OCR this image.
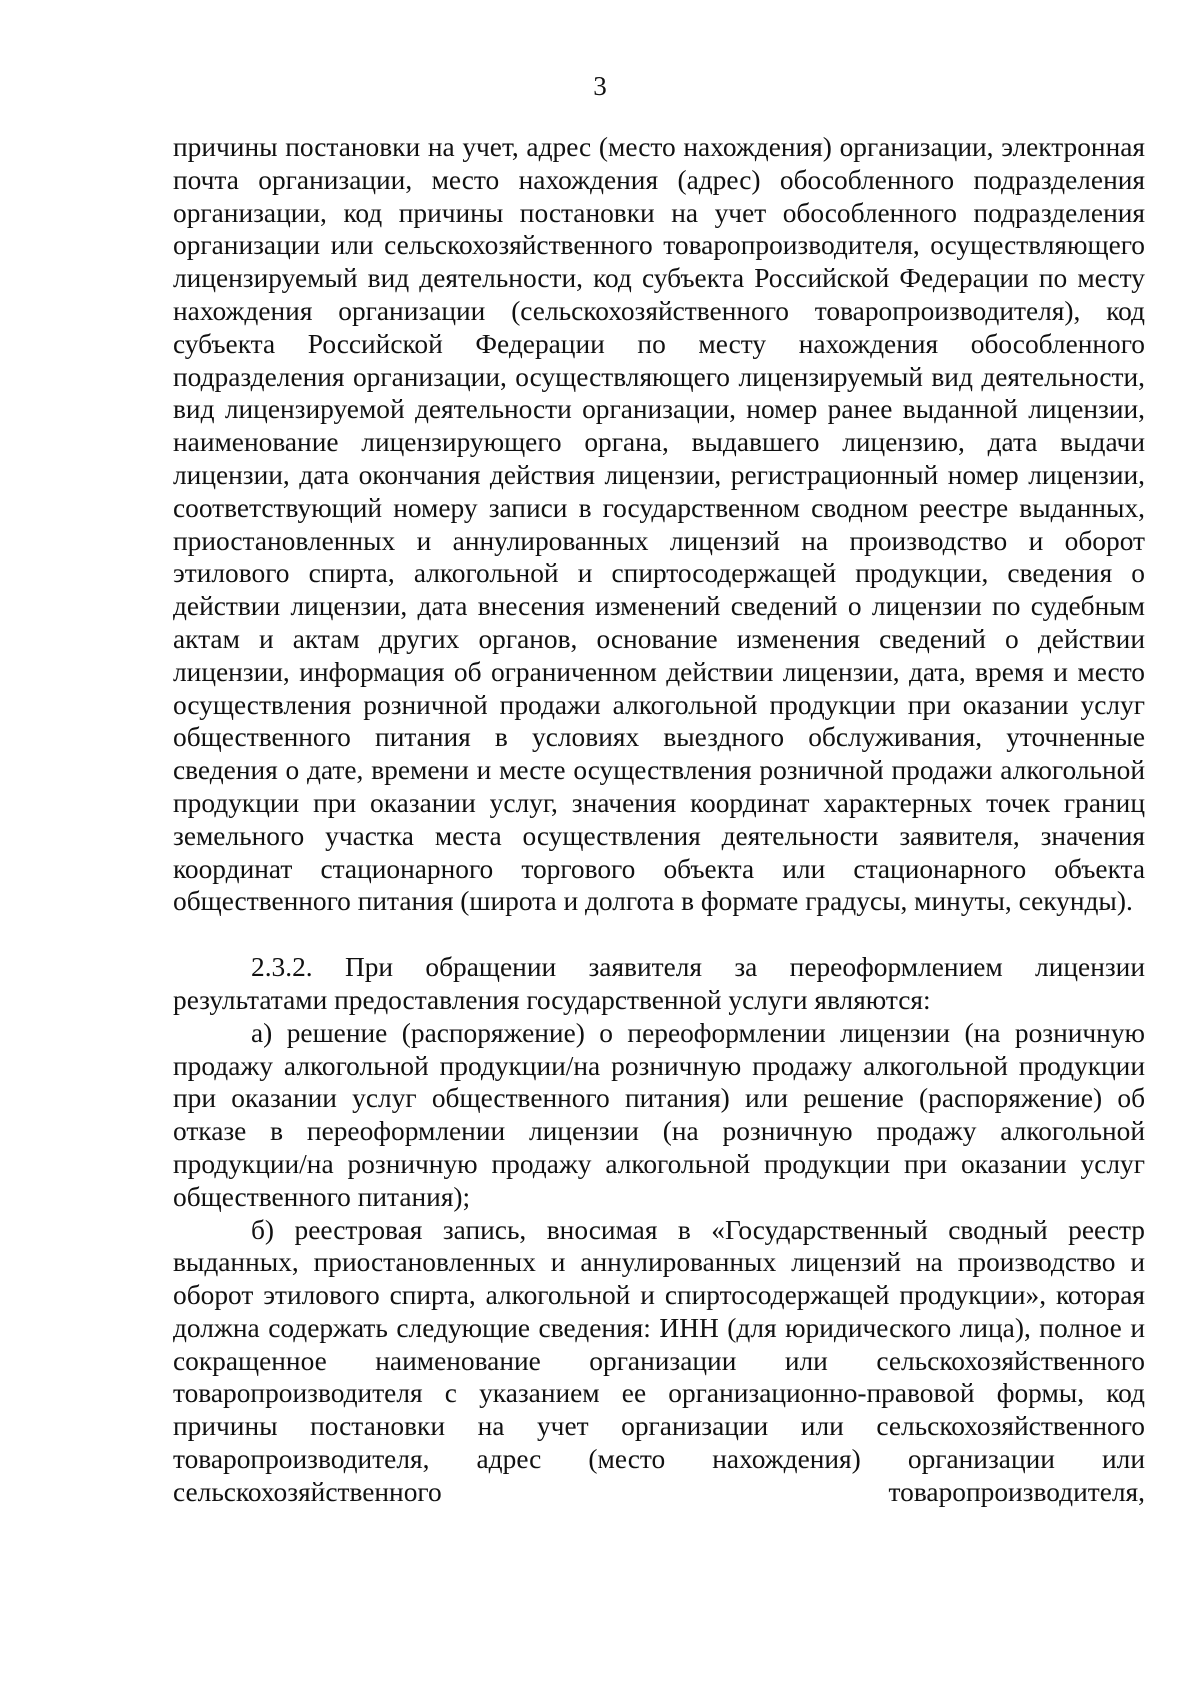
3

причины постановки на учет, адрес (место нахождения) организации, электронная почта организации, место нахождения (адрес) обособленного подразделения организации, код причины постановки на учет обособленного подразделения организации или сельскохозяйственного товаропроизводителя, осуществляющего лицензируемый вид деятельности, код субъекта Российской Федерации по месту нахождения организации (сельскохозяйственного товаропроизводителя), код субъекта Российской Федерации по месту нахождения обособленного подразделения организации, осуществляющего лицензируемый вид деятельности, вид лицензируемой деятельности организации, номер ранее выданной лицензии, наименование лицензирующего органа, выдавшего лицензию, дата выдачи лицензии, дата окончания действия лицензии, регистрационный номер лицензии, соответствующий номеру записи в государственном сводном реестре выданных, приостановленных и аннулированных лицензий на производство и оборот этилового спирта, алкогольной и спиртосодержащей продукции, сведения о действии лицензии, дата внесения изменений сведений о лицензии по судебным актам и актам других органов, основание изменения сведений о действии лицензии, информация об ограниченном действии лицензии, дата, время и место осуществления розничной продажи алкогольной продукции при оказании услуг общественного питания в условиях выездного обслуживания, уточненные сведения о дате, времени и месте осуществления розничной продажи алкогольной продукции при оказании услуг, значения координат характерных точек границ земельного участка места осуществления деятельности заявителя, значения координат стационарного торгового объекта или стационарного объекта общественного питания (широта и долгота в формате градусы, минуты, секунды).

2.3.2. При обращении заявителя за переоформлением лицензии результатами предоставления государственной услуги являются:

а) решение (распоряжение) о переоформлении лицензии (на розничную продажу алкогольной продукции/на розничную продажу алкогольной продукции при оказании услуг общественного питания) или решение (распоряжение) об отказе в переоформлении лицензии (на розничную продажу алкогольной продукции/на розничную продажу алкогольной продукции при оказании услуг общественного питания);

б) реестровая запись, вносимая в «Государственный сводный реестр выданных, приостановленных и аннулированных лицензий на производство и оборот этилового спирта, алкогольной и спиртосодержащей продукции», которая должна содержать следующие сведения: ИНН (для юридического лица), полное и сокращенное наименование организации или сельскохозяйственного товаропроизводителя с указанием ее организационно-правовой формы, код причины постановки на учет организации или сельскохозяйственного товаропроизводителя, адрес (место нахождения) организации или сельскохозяйственного товаропроизводителя,
